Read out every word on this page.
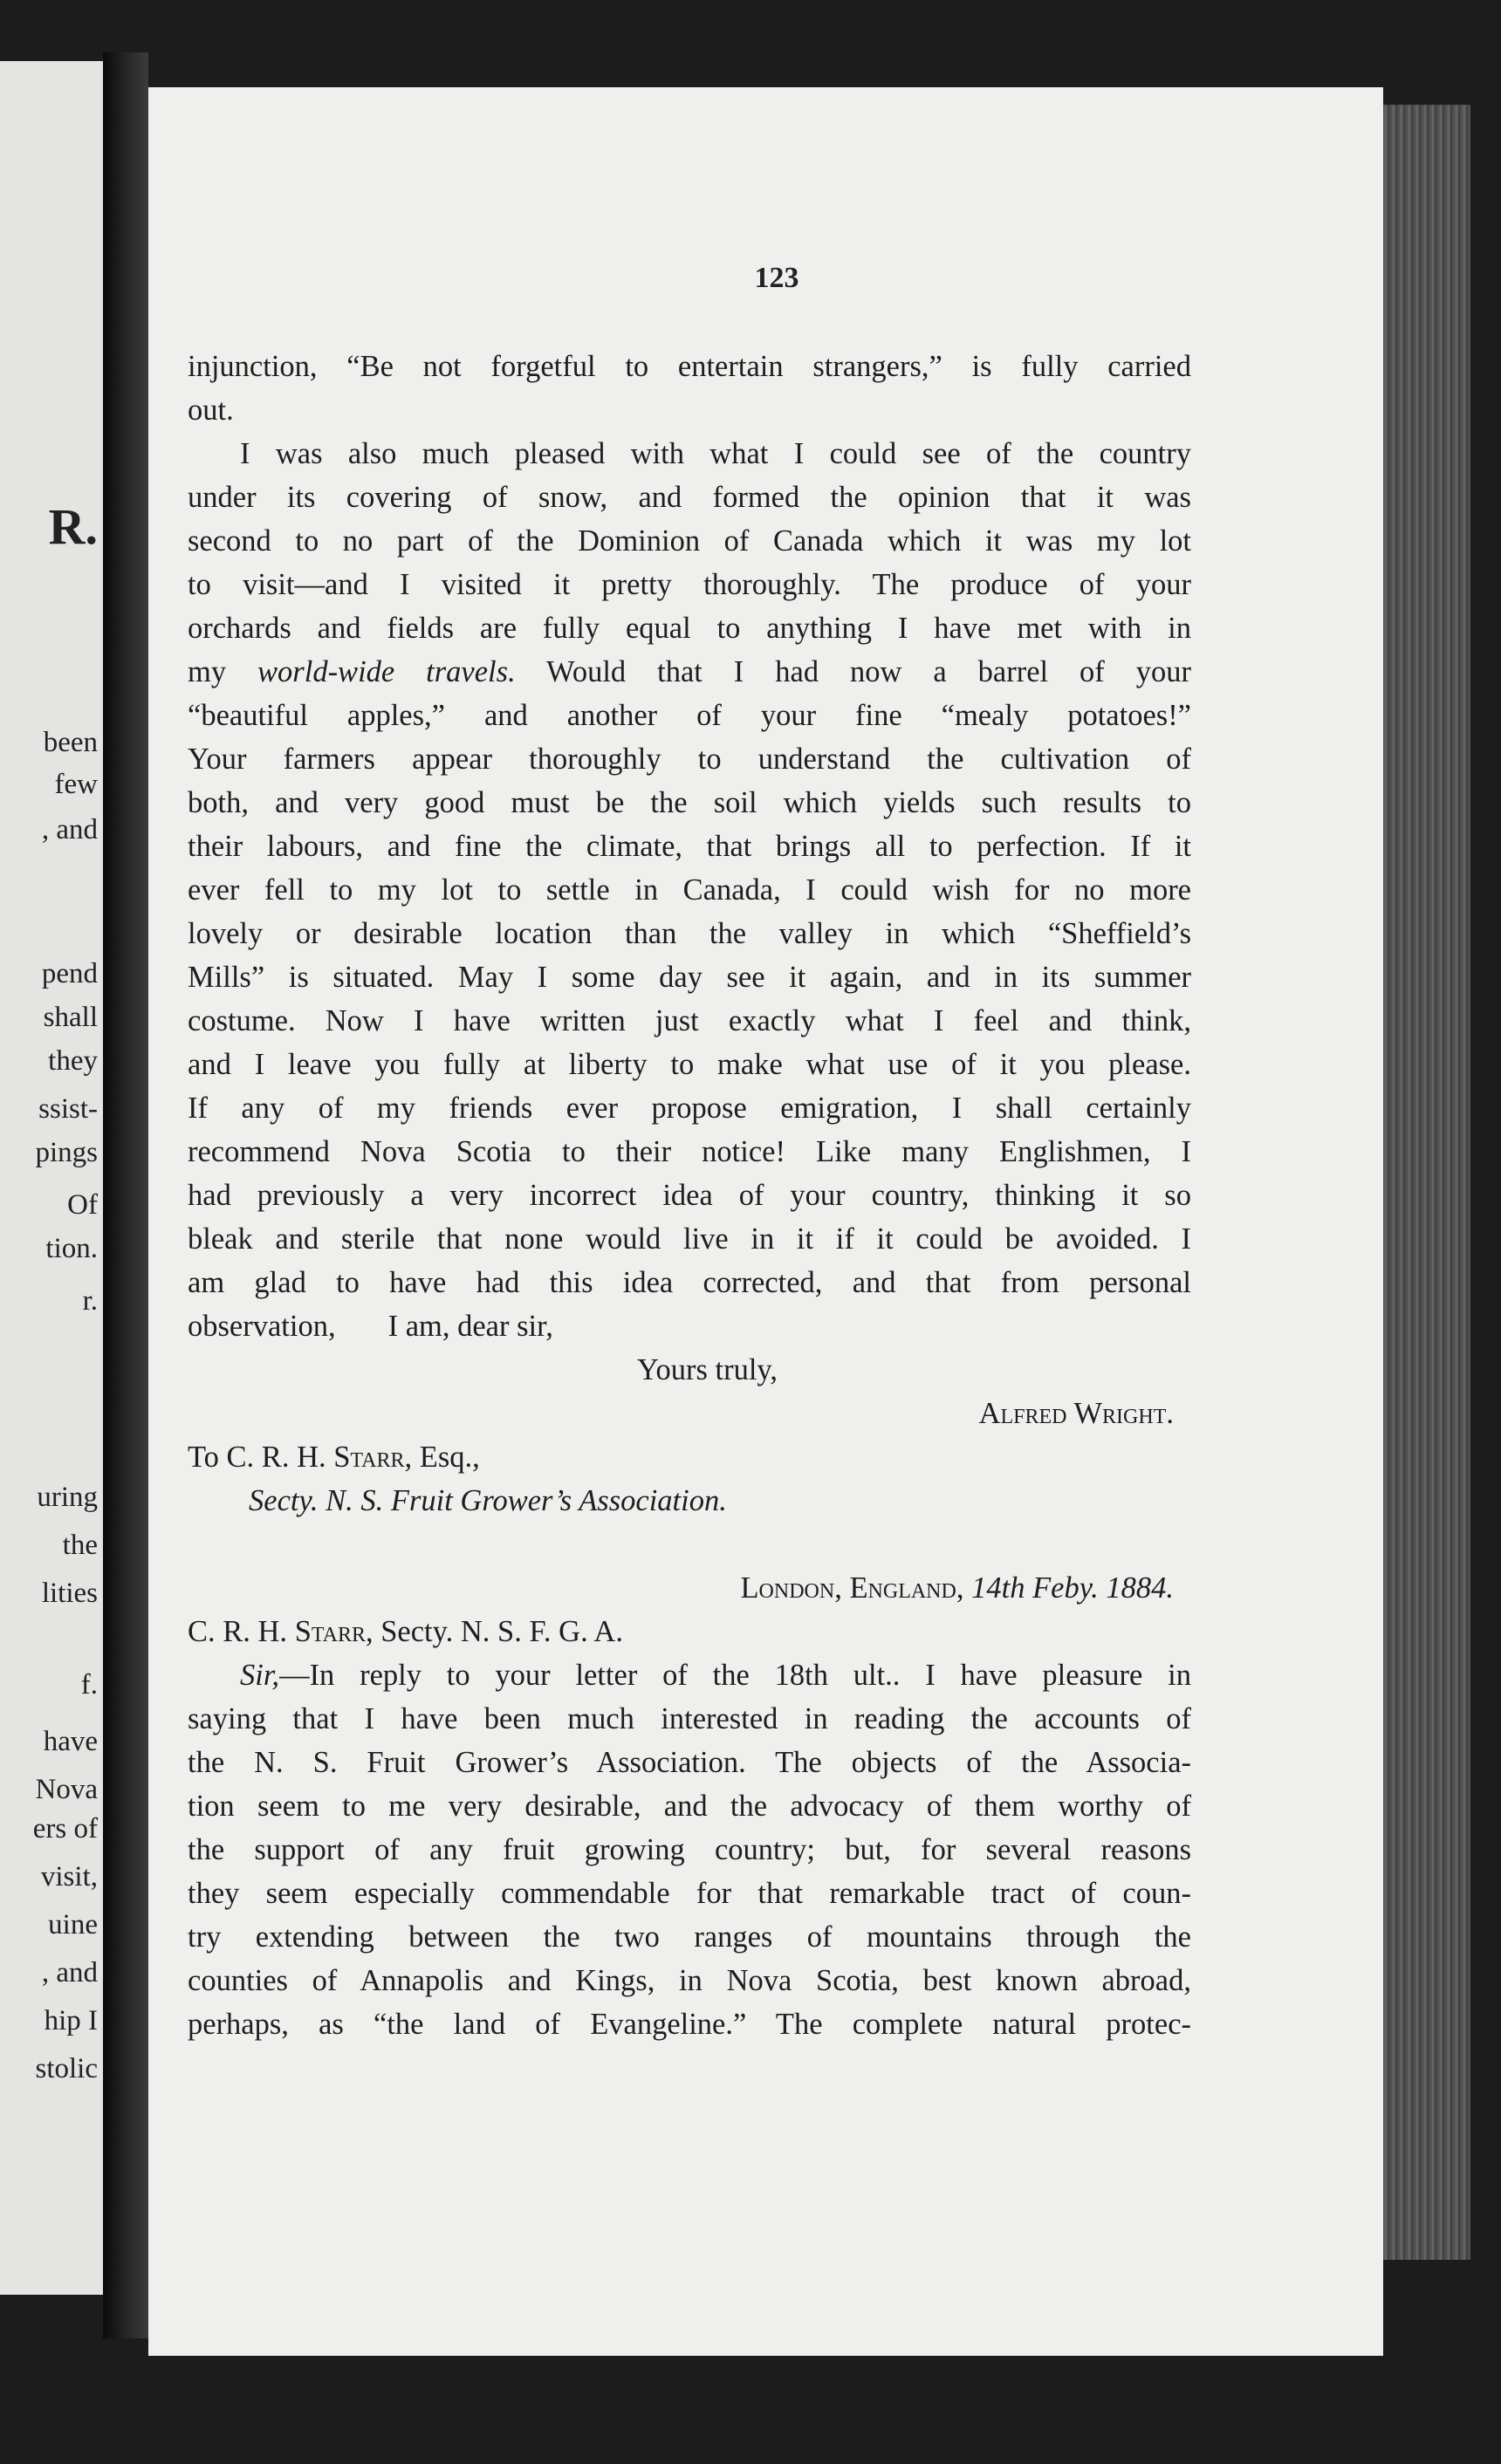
R.
been
few
, and
pend
shall
they
ssist-
pings
Of
tion.
r.
uring
the
lities
f.
have
Nova
ers of
visit,
uine
, and
hip I
stolic
123

injunction, “Be not forgetful to entertain strangers,” is fully carried

out.

I was also much pleased with what I could see of the country

under its covering of snow, and formed the opinion that it was

second to no part of the Dominion of Canada which it was my lot

to visit—and I visited it pretty thoroughly. The produce of your

orchards and fields are fully equal to anything I have met with in

my world-wide travels. Would that I had now a barrel of your

“beautiful apples,” and another of your fine “mealy potatoes!”

Your farmers appear thoroughly to understand the cultivation of

both, and very good must be the soil which yields such results to

their labours, and fine the climate, that brings all to perfection. If it

ever fell to my lot to settle in Canada, I could wish for no more

lovely or desirable location than the valley in which “Sheffield’s

Mills” is situated. May I some day see it again, and in its summer

costume. Now I have written just exactly what I feel and think,

and I leave you fully at liberty to make what use of it you please.

If any of my friends ever propose emigration, I shall certainly

recommend Nova Scotia to their notice! Like many Englishmen, I

had previously a very incorrect idea of your country, thinking it so

bleak and sterile that none would live in it if it could be avoided. I

am glad to have had this idea corrected, and that from personal

observation, I am, dear sir,

Yours truly,

Alfred Wright.

To C. R. H. Starr, Esq.,

Secty. N. S. Fruit Grower’s Association.

London, England, 14th Feby. 1884.

C. R. H. Starr, Secty. N. S. F. G. A.

Sir,—In reply to your letter of the 18th ult.. I have pleasure in

saying that I have been much interested in reading the accounts of

the N. S. Fruit Grower’s Association. The objects of the Associa-

tion seem to me very desirable, and the advocacy of them worthy of

the support of any fruit growing country; but, for several reasons

they seem especially commendable for that remarkable tract of coun-

try extending between the two ranges of mountains through the

counties of Annapolis and Kings, in Nova Scotia, best known abroad,

perhaps, as “the land of Evangeline.” The complete natural protec-
